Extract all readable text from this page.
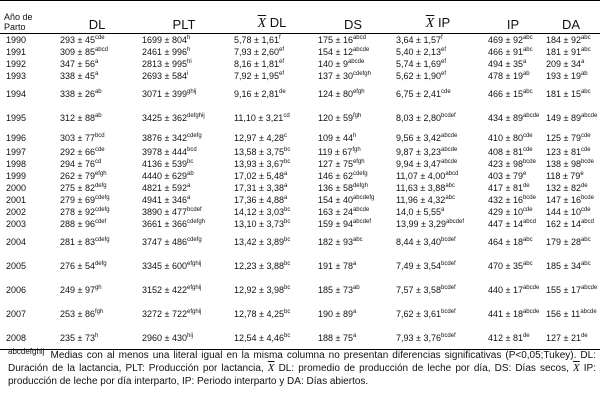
Año de Parto	DL	PLT	$\overline{X}$ DL	DS	$\overline{X}$ IP	IP	DA
1990	$293 \pm 45^{cde}$	$1699 \pm 804^h$	5,78 ± 1,61$^f$	$175 \pm 16^{abcd}$	3,64 ± 1,57$^f$	$469 \pm 92^{abc}$	$184 \pm 92^{abc}$
1991	$309 \pm 85^{abcd}$	$2461 \pm 996^h$	7,93 ± 2,60$^{ef}$	$154 \pm 12^{abcde}$	5,40 ± 2,13$^{ef}$	$466 \pm 91^{abc}$	$181 \pm 91^{abc}$
1992	$347 \pm 56^a$	$2813 \pm 995^{hi}$	8,16 ± 1,81$^{ef}$	$140 \pm 9^{abcde}$	5,74 ± 1,69$^{ef}$	$494 \pm 35^a$	$209 \pm 34^a$
1993	$338 \pm 45^a$	$2693 \pm 584^i$	7,92 ± 1,95$^{ef}$	$137 \pm 30^{cdefgh}$	5,62 ± 1,90$^{ef}$	$478 \pm 19^{ab}$	$193 \pm 19^{ab}$
1994	$338 \pm 26^{ab}$	$3071 \pm 399^{ghij}$	9,16 ± 2,81de	$124 \pm 80^{efgh}$	6,75 ± 2,41$^{cde}$	$466 \pm 15^{abc}$	$181 \pm 15^{abc}$
1995	$312 \pm 88^{ab}$	$3425 \pm 362^{defghij}$	11,10 ± 3,21$^{cd}$	$120 \pm 59^{fgh}$	$8,03 \pm 2,80^{bcdef}$	$434 \pm 89^{abcde}$	$149 \pm 89^{abcde}$
1996	$303 \pm 77^{bcd}$	$3876 \pm 342^{cdefg}$	12,97 ± 4,28$^c$	$109 \pm 44^h$	$9,56 \pm 3,42^{abcde}$	$410 \pm 80^{cde}$	$125 \pm 79^{cde}$
1997	$292 \pm 66^{cde}$	$3978 \pm 444^{bcd}$	13,58 ± 3,75$^{bc}$	$119 \pm 67^{fgh}$	$9,87 \pm 3,23^{abcde}$	$408 \pm 81^{cde}$	$123 \pm 81^{cde}$
1998	$294 \pm 76^{cd}$	$4136 \pm 539^{bc}$	13,93 ± 3,67$^{bc}$	$127 \pm 75^{efgh}$	$9,94 \pm 3,47^{abcde}$	$423 \pm 98^{bcde}$	$138 \pm 98^{bcde}$
1999	$262 \pm 79^{efgh}$	$4440 \pm 629^{ab}$	17,02 ± 5,48$^a$	$146 \pm 62^{cdefg}$	$11,07 \pm 4,00^{abcd}$	$403 \pm 79^e$	$118 \pm 79^e$
2000	$275 \pm 82^{defg}$	$4821 \pm 592^a$	17,31 ± 3,38$^a$	$136 \pm 58^{defgh}$	11,63 ± 3,88$^{abc}$	417 ± 81de	132 ± 82de
2001	$279 \pm 69^{cdefg}$	$4941 \pm 346^a$	17,36 ± 4,88$^a$	$154 \pm 40^{abcdefg}$	11,96 ± 4,32$^{abc}$	$432 \pm 16^{bcde}$	$147 \pm 16^{bcde}$
2002	$278 \pm 92^{cdefg}$	$3890 \pm 477^{bcdef}$	14,12 ± 3,03$^{bc}$	$163 \pm 24^{abcde}$	14,0 ± 5,55$^a$	$429 \pm 10^{cde}$	$144 \pm 10^{cde}$
2003	$288 \pm 96^{cdef}$	$3661 \pm 366^{cdefgh}$	13,10 ± 3,73$^{bc}$	$159 \pm 94^{abcdef}$	$13,99 \pm 3,29^{abcdef}$	$447 \pm 14^{abcd}$	$162 \pm 14^{abcd}$
2004	$281 \pm 83^{cdefg}$	$3747 \pm 486^{cdefg}$	13,42 ± 3,89$^{bc}$	$182 \pm 93^{abc}$	$8,44 \pm 3,40^{bcdef}$	$464 \pm 18^{abc}$	$179 \pm 28^{abc}$
2005	$276 \pm 54^{defg}$	$3345 \pm 600^{efghij}$	12,23 ± 3,88$^{bc}$	$191 \pm 78^a$	$7,49 \pm 3,54^{bcdef}$	$470 \pm 35^{abc}$	$185 \pm 34^{abc}$
2006	$249 \pm 97^{gh}$	$3152 \pm 422^{efghij}$	12,92 ± 3,98$^{bc}$	$185 \pm 73^{ab}$	$7,57 \pm 3,58^{bcdef}$	$440 \pm 17^{abcde}$	$155 \pm 17^{abcde}$
2007	$253 \pm 86^{fgh}$	$3272 \pm 722^{efghij}$	12,78 ± 4,25$^{bc}$	$190 \pm 89^a$	$7,62 \pm 3,61^{bcdef}$	$441 \pm 18^{abcde}$	$156 \pm 11^{abcde}$
2008	$235 \pm 73^h$	$2960 \pm 430^{hij}$	12,54 ± 4,46$^{bc}$	$188 \pm 75^a$	$7,93 \pm 3,76^{bcdef}$	412 ± 81de	127 ± 21de
$^{abcdefghij}$ Medias con al menos una literal igual en la misma columna no presentan diferencias significativas (P<0,05;Tukey). DL: Duración de la lactancia, PLT: Producción por lactancia, $\overline{X}$ DL: promedio de producción de leche por día, DS: Días secos, $\overline{X}$ IP: producción de leche por día interparto, IP: Periodo interparto y DA: Días abiertos.
